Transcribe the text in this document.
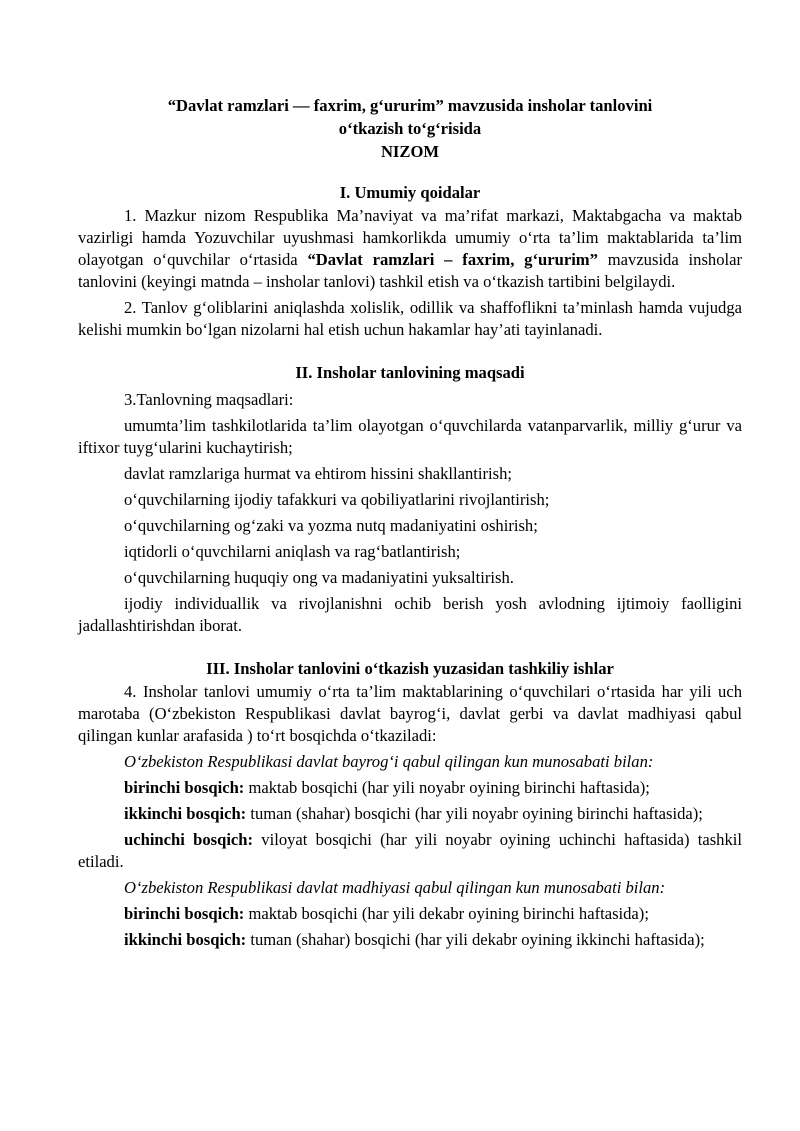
“Davlat ramzlari — faxrim, g‘ururim” mavzusida insholar tanlovini

o‘tkazish to‘g‘risida

NIZOM

I. Umumiy qoidalar

1. Mazkur nizom Respublika Ma’naviyat va ma’rifat markazi, Maktabgacha va maktab vazirligi hamda Yozuvchilar uyushmasi hamkorlikda umumiy o‘rta ta’lim maktablarida ta’lim olayotgan o‘quvchilar o‘rtasida “Davlat ramzlari – faxrim, g‘ururim” mavzusida insholar tanlovini (keyingi matnda – insholar tanlovi) tashkil etish va o‘tkazish tartibini belgilaydi.

2. Tanlov g‘oliblarini aniqlashda xolislik, odillik va shaffoflikni ta’minlash hamda vujudga kelishi mumkin bo‘lgan nizolarni hal etish uchun hakamlar hay’ati tayinlanadi.

II. Insholar tanlovining maqsadi

3.Tanlovning maqsadlari:

umumta’lim tashkilotlarida ta’lim olayotgan o‘quvchilarda vatanparvarlik, milliy g‘urur va iftixor tuyg‘ularini kuchaytirish;

davlat ramzlariga hurmat va ehtirom hissini shakllantirish;

o‘quvchilarning ijodiy tafakkuri va qobiliyatlarini rivojlantirish;

o‘quvchilarning og‘zaki va yozma nutq madaniyatini oshirish;

iqtidorli o‘quvchilarni aniqlash va rag‘batlantirish;

o‘quvchilarning huquqiy ong va madaniyatini yuksaltirish.

ijodiy individuallik va rivojlanishni ochib berish yosh avlodning ijtimoiy faolligini jadallashtirishdan iborat.

III. Insholar tanlovini o‘tkazish yuzasidan tashkiliy ishlar

4. Insholar tanlovi umumiy o‘rta ta’lim maktablarining o‘quvchilari o‘rtasida har yili uch marotaba (O‘zbekiston Respublikasi davlat bayrog‘i, davlat gerbi va davlat madhiyasi qabul qilingan kunlar arafasida ) to‘rt bosqichda o‘tkaziladi:

O‘zbekiston Respublikasi davlat bayrog‘i qabul qilingan kun munosabati bilan:

birinchi bosqich: maktab bosqichi (har yili noyabr oyining birinchi haftasida);

ikkinchi bosqich: tuman (shahar) bosqichi (har yili noyabr oyining birinchi haftasida);

uchinchi bosqich: viloyat bosqichi (har yili noyabr oyining uchinchi haftasida) tashkil etiladi.

O‘zbekiston Respublikasi davlat madhiyasi qabul qilingan kun munosabati bilan:

birinchi bosqich: maktab bosqichi (har yili dekabr oyining birinchi haftasida);

ikkinchi bosqich: tuman (shahar) bosqichi (har yili dekabr oyining ikkinchi haftasida);
